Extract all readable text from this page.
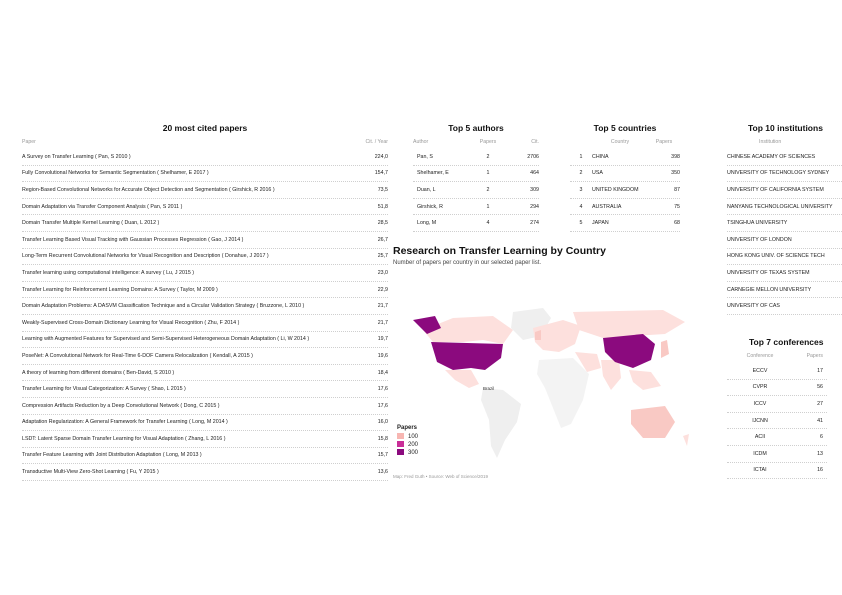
20 most cited papers
Paper	Cit. / Year
A Survey on Transfer Learning ( Pan, S 2010 )	224,0
Fully Convolutional Networks for Semantic Segmentation ( Shelhamer, E 2017 )	154,7
Region-Based Convolutional Networks for Accurate Object Detection and Segmentation ( Girshick, R 2016 )	73,5
Domain Adaptation via Transfer Component Analysis ( Pan, S 2011 )	51,8
Domain Transfer Multiple Kernel Learning ( Duan, L 2012 )	28,5
Transfer Learning Based Visual Tracking with Gaussian Processes Regression ( Gao, J 2014 )	26,7
Long-Term Recurrent Convolutional Networks for Visual Recognition and Description ( Donahue, J 2017 )	25,7
Transfer learning using computational intelligence: A survey ( Lu, J 2015 )	23,0
Transfer Learning for Reinforcement Learning Domains: A Survey ( Taylor, M 2009 )	22,9
Domain Adaptation Problems: A DASVM Classification Technique and a Circular Validation Strategy ( Bruzzone, L 2010 )	21,7
Weakly-Supervised Cross-Domain Dictionary Learning for Visual Recognition ( Zhu, F 2014 )	21,7
Learning with Augmented Features for Supervised and Semi-Supervised Heterogeneous Domain Adaptation ( Li, W 2014 )	19,7
PoseNet: A Convolutional Network for Real-Time 6-DOF Camera Relocalization ( Kendall, A 2015 )	19,6
A theory of learning from different domains ( Ben-David, S 2010 )	18,4
Transfer Learning for Visual Categorization: A Survey ( Shao, L 2015 )	17,6
Compression Artifacts Reduction by a Deep Convolutional Network ( Dong, C 2015 )	17,6
Adaptation Regularization: A General Framework for Transfer Learning ( Long, M 2014 )	16,0
LSDT: Latent Sparse Domain Transfer Learning for Visual Adaptation ( Zhang, L 2016 )	15,8
Transfer Feature Learning with Joint Distribution Adaptation ( Long, M 2013 )	15,7
Transductive Multi-View Zero-Shot Learning ( Fu, Y 2015 )	13,6
Top 5 authors
Author	Papers	Cit.
Pan, S	2	2706
Shelhamer, E	1	464
Duan, L	2	309
Girshick, R	1	294
Long, M	4	274
Top 5 countries
Country	Papers
1	CHINA	398
2	USA	350
3	UNITED KINGDOM	87
4	AUSTRALIA	75
5	JAPAN	68
Top 10 institutions
Institution
CHINESE ACADEMY OF SCIENCES
UNIVERSITY OF TECHNOLOGY SYDNEY
UNIVERSITY OF CALIFORNIA SYSTEM
NANYANG TECHNOLOGICAL UNIVERSITY
TSINGHUA UNIVERSITY
UNIVERSITY OF LONDON
HONG KONG UNIV. OF SCIENCE TECH
UNIVERSITY OF TEXAS SYSTEM
CARNEGIE MELLON UNIVERSITY
UNIVERSITY OF CAS
Top 7 conferences
Conference	Papers
ECCV	17
CVPR	56
ICCV	27
IJCNN	41
ACII	6
ICDM	13
ICTAI	16
Research on Transfer Learning by Country
Number of papers per country in our selected paper list.
Brazil
Papers
100
200
300
Map: Fred Guth • Source: Web of Science/2019
